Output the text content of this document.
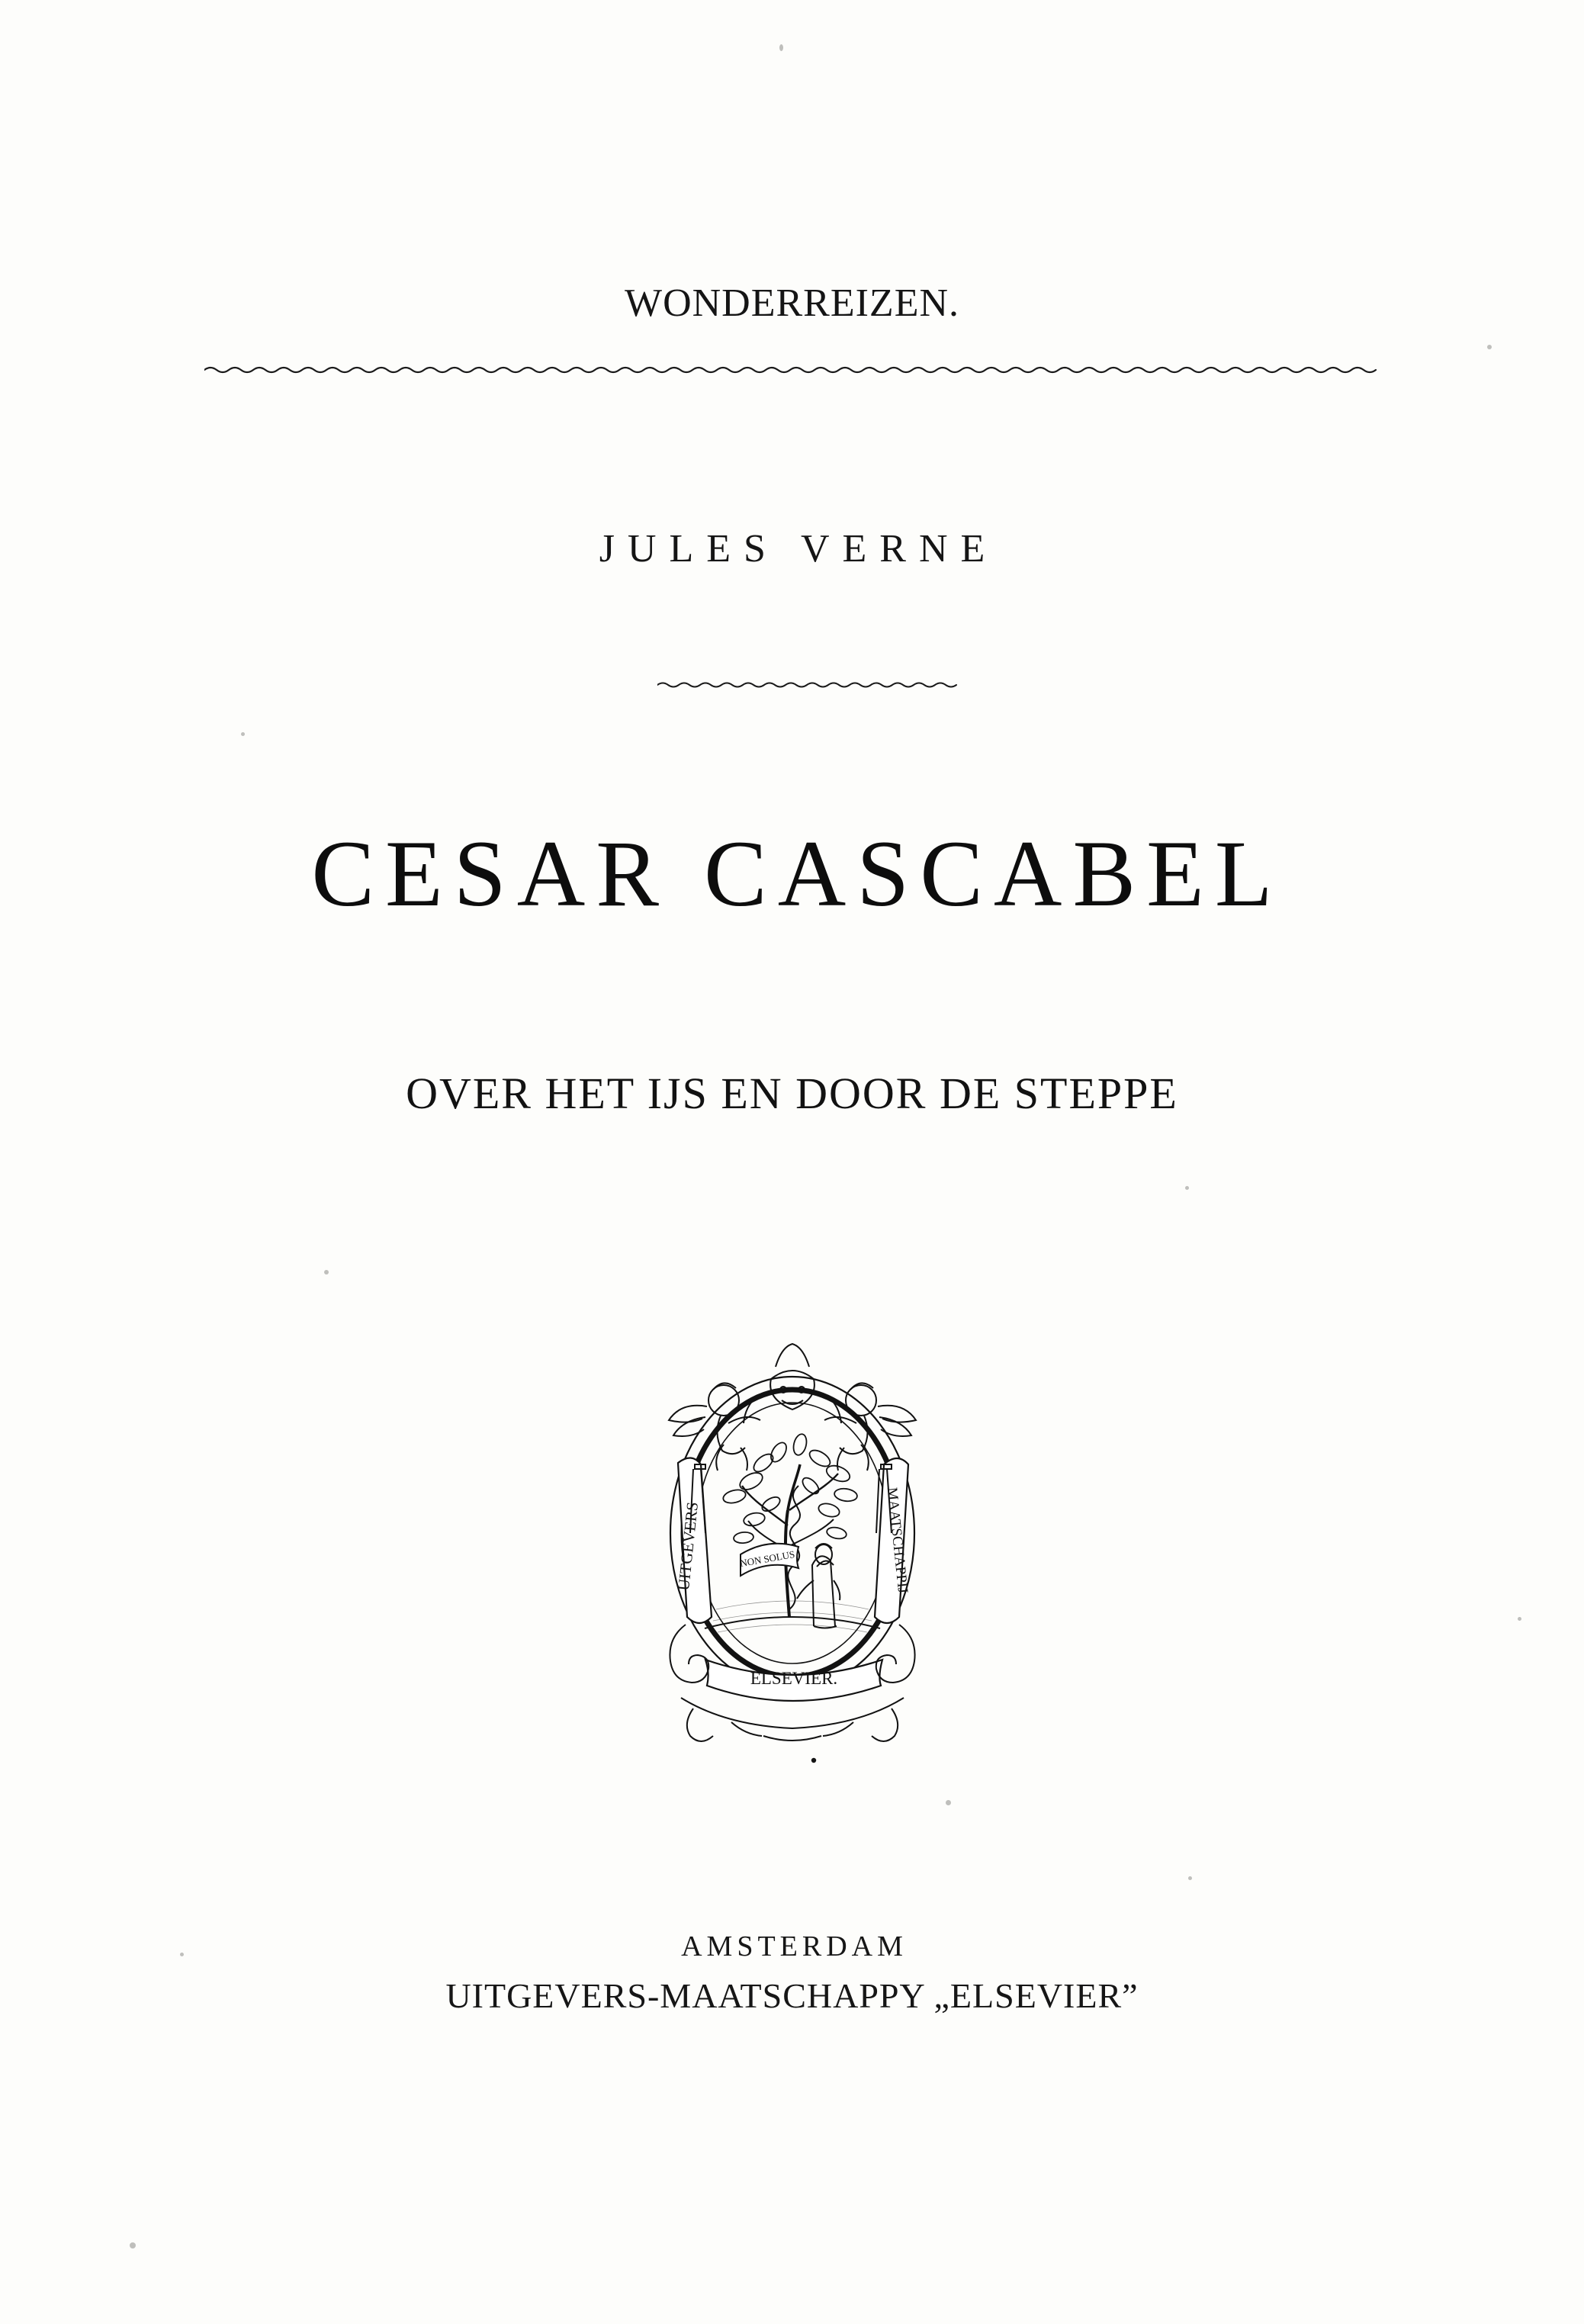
WONDERREIZEN.
JULES VERNE
CESAR CASCABEL
OVER HET IJS EN DOOR DE STEPPE
NON SOLUS
UITGEVERS	MAATSCHAPPIJ
ELSEVIER.
AMSTERDAM
UITGEVERS-MAATSCHAPPY „ELSEVIER”
